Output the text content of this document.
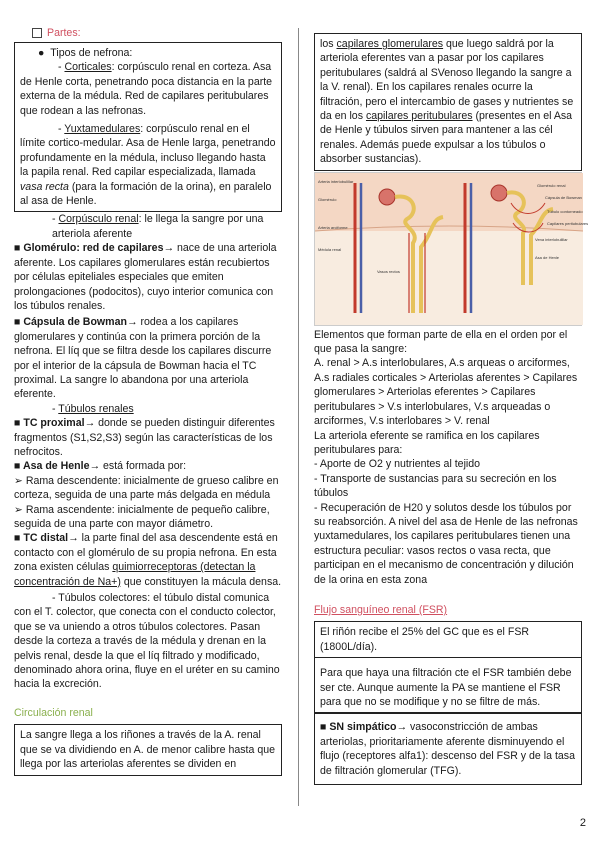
Partes:

●  Tipos de nefrona:

- Corticales: corpúsculo renal en corteza. Asa de Henle corta, penetrando poca distancia en la parte externa de la médula. Red de capilares peritubulares que rodean a las nefronas.

- Yuxtamedulares: corpúsculo renal en el límite cortico-medular. Asa de Henle larga, penetrando profundamente en la médula, incluso llegando hasta la papila renal. Red capilar especializada, llamada vasa recta (para la formación de la orina), en paralelo al asa de Henle.

- Corpúsculo renal: le llega la sangre por una arteriola aferente

■ Glomérulo: red de capilares→ nace de una arteriola aferente. Los capilares glomerulares están recubiertos por células epiteliales especiales que emiten prolongaciones (podocitos), cuyo interior comunica con los túbulos renales.

■ Cápsula de Bowman→ rodea a los capilares glomerulares y continúa con la primera porción de la nefrona. El líq que se filtra desde los capilares discurre por el interior de la cápsula de Bowman hacia el TC proximal. La sangre lo abandona por una arteriola eferente.

- Túbulos renales

■ TC proximal→ donde se pueden distinguir diferentes fragmentos (S1,S2,S3) según las características de los nefrocitos.

■ Asa de Henle→ está formada por:

➢ Rama descendente: inicialmente de grueso calibre en corteza, seguida de una parte más delgada en médula

➢ Rama ascendente: inicialmente de pequeño calibre, seguida de una parte con mayor diámetro.

■ TC distal→ la parte final del asa descendente está en contacto con el glomérulo de su propia nefrona. En esta zona existen células quimiorreceptoras (detectan la concentración de Na+) que constituyen la mácula densa.

- Túbulos colectores: el túbulo distal comunica con el T. colector, que conecta con el conducto colector, que se va uniendo a otros túbulos colectores. Pasan desde la corteza a través de la médula y drenan en la pelvis renal, desde la que el líq filtrado y modificado, denominado ahora orina, fluye en el uréter en su camino hacia la excreción.

Circulación renal

La sangre llega a los riñones a través de la A. renal que se va dividiendo en A. de menor calibre hasta que llega por las arteriolas aferentes se dividen en

los capilares glomerulares que luego saldrá por la arteriola eferentes van a pasar por los capilares peritubulares (saldrá al SVenoso llegando la sangre a la V. renal). En los capilares renales ocurre la filtración, pero el intercambio de gases y nutrientes se da en los capilares peritubulares (presentes en el Asa de Henle y túbulos sirven para mantener a las cél renales. Además puede expulsar a los túbulos o absorber sustancias).

Arteria interlobulillar
Glomérulo
Arteria arciforme
Médula renal
Vasos rectos
Glomérulo renal
Cápsula de Bowman
Túbulo contorneado
Capilares peritubulares
Vena interlobulillar
Asa de Henle

Elementos que forman parte de ella en el orden por el que pasa la sangre:

A. renal > A.s interlobulares, A.s arqueas o arciformes, A.s radiales corticales > Arteriolas aferentes > Capilares glomerulares > Arteriolas eferentes > Capilares peritubulares > V.s interlobulares, V.s arqueadas o arciformes, V.s interlobares > V. renal

La arteriola eferente se ramifica en los capilares peritubulares para:

- Aporte de O2 y nutrientes al tejido

- Transporte de sustancias para su secreción en los túbulos

- Recuperación de H20 y solutos desde los túbulos por su reabsorción. A nivel del asa de Henle de las nefronas yuxtamedulares, los capilares peritubulares tienen una estructura peculiar: vasos rectos o vasa recta, que participan en el mecanismo de concentración y dilución de la orina en esta zona

Flujo sanguíneo renal (FSR)

El riñón recibe el 25% del GC que es el FSR (1800L/día).

Para que haya una filtración cte el FSR también debe ser cte. Aunque aumente la PA se mantiene el FSR para que no se modifique y no se filtre de más.

■ SN simpático→ vasoconstricción de ambas arteriolas, prioritariamente aferente disminuyendo el flujo (receptores alfa1): descenso del FSR y de la tasa de filtración glomerular (TFG).

2
